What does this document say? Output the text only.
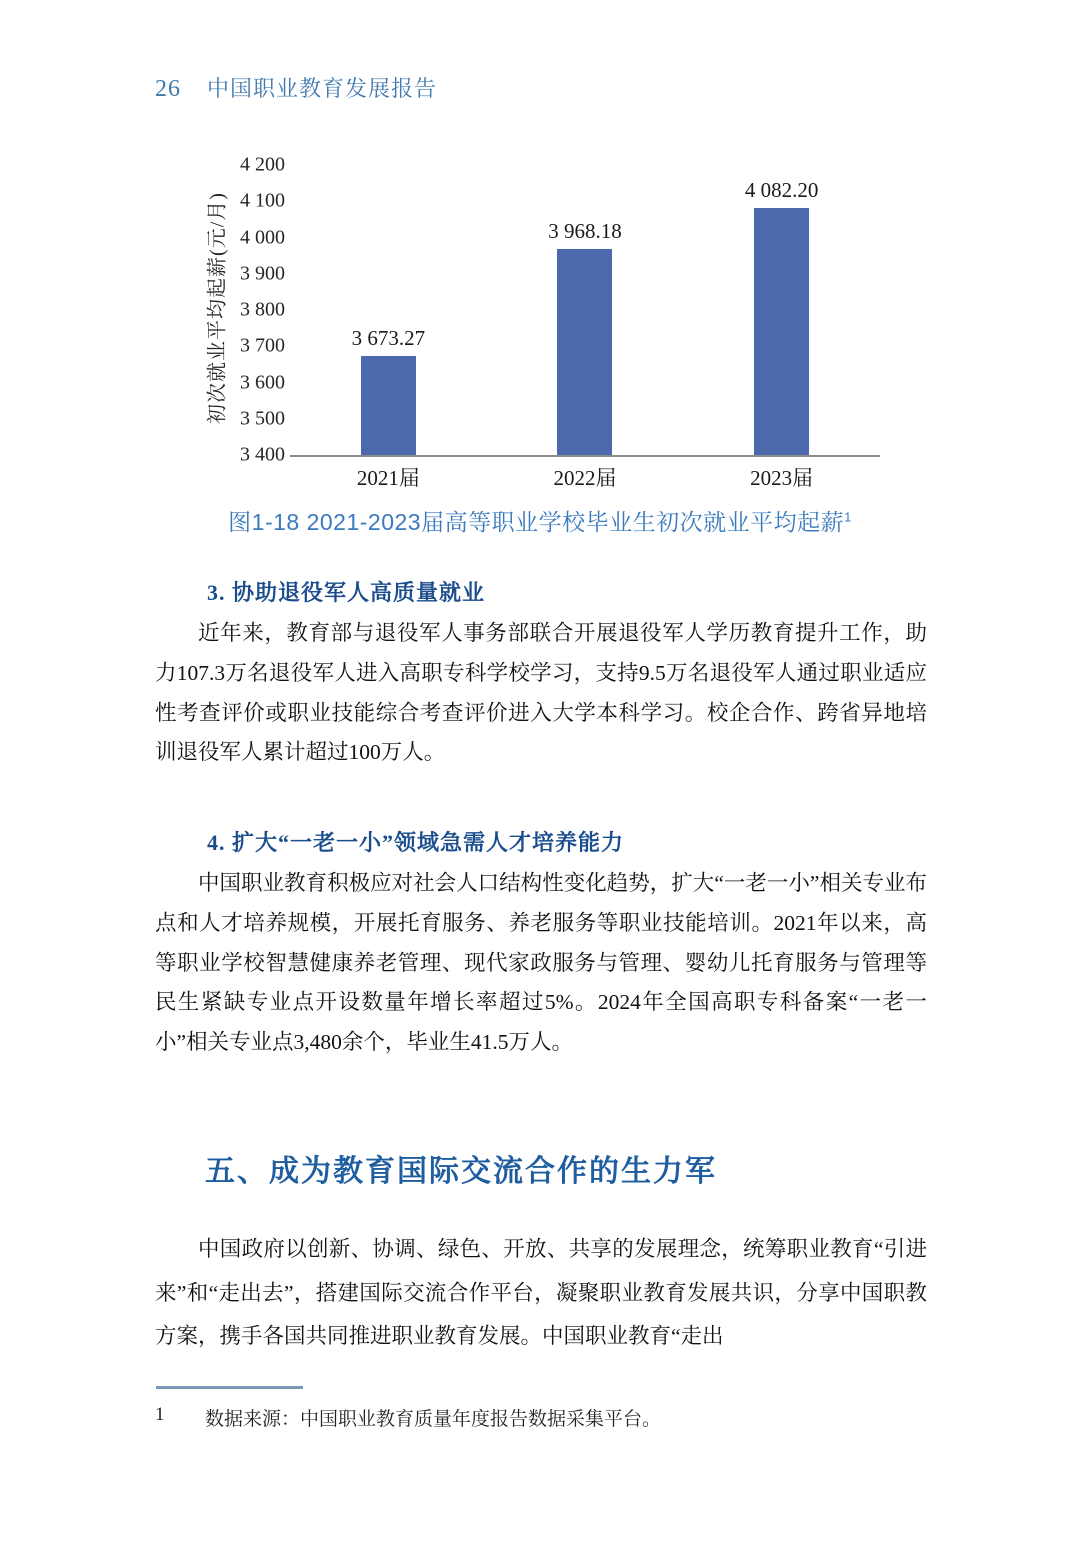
26 中国职业教育发展报告
初次就业平均起薪(元/月)
4 200
4 100
4 000
3 900
3 800
3 700
3 600
3 500
3 400
3 673.27
3 968.18
4 082.20
2021届	2022届	2023届
图1-18 2021-2023届高等职业学校毕业生初次就业平均起薪$^1$
3. 协助退役军人高质量就业
近年来，教育部与退役军人事务部联合开展退役军人学历教育提升工作，助力107.3万名退役军人进入高职专科学校学习，支持9.5万名退役军人通过职业适应性考查评价或职业技能综合考查评价进入大学本科学习。校企合作、跨省异地培训退役军人累计超过100万人。
4. 扩大“一老一小”领域急需人才培养能力
中国职业教育积极应对社会人口结构性变化趋势，扩大“一老一小”相关专业布点和人才培养规模，开展托育服务、养老服务等职业技能培训。2021年以来，高等职业学校智慧健康养老管理、现代家政服务与管理、婴幼儿托育服务与管理等民生紧缺专业点开设数量年增长率超过5%。2024年全国高职专科备案“一老一小”相关专业点3,480余个，毕业生41.5万人。
五、成为教育国际交流合作的生力军
中国政府以创新、协调、绿色、开放、共享的发展理念，统筹职业教育“引进来”和“走出去”，搭建国际交流合作平台，凝聚职业教育发展共识，分享中国职教方案，携手各国共同推进职业教育发展。中国职业教育“走出
1	数据来源：中国职业教育质量年度报告数据采集平台。
